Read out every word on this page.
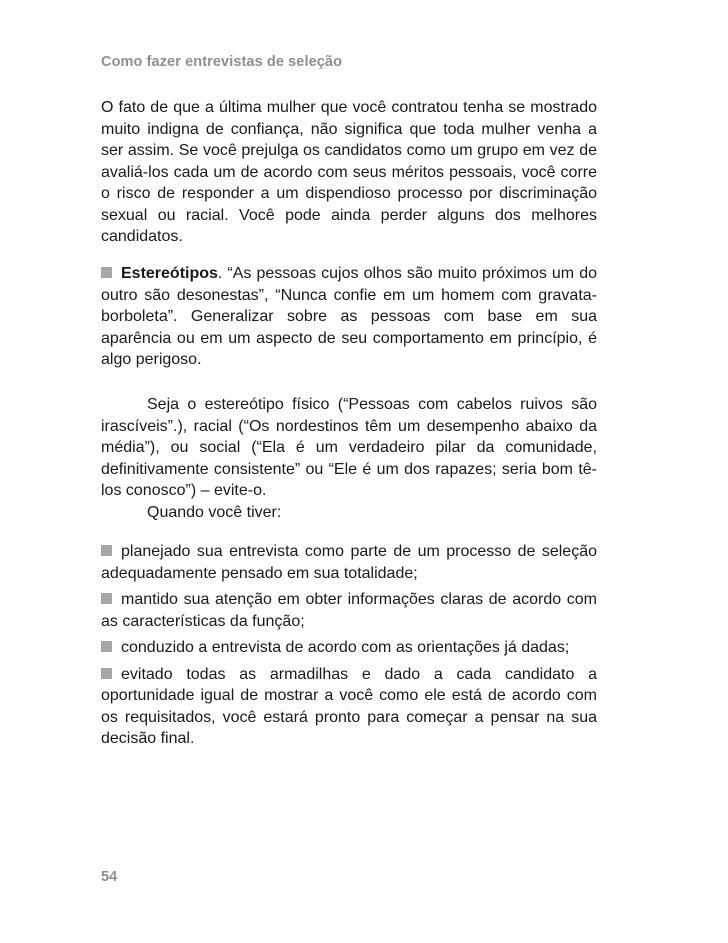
Como fazer entrevistas de seleção

O fato de que a última mulher que você contratou tenha se mostrado muito indigna de confiança, não significa que toda mulher venha a ser assim. Se você prejulga os candidatos como um grupo em vez de avaliá-los cada um de acordo com seus méritos pessoais, você corre o risco de responder a um dispendioso processo por discriminação sexual ou racial. Você pode ainda perder alguns dos melhores candidatos.

Estereótipos. “As pessoas cujos olhos são muito próximos um do outro são desonestas”, “Nunca confie em um homem com gravata-borboleta”. Generalizar sobre as pessoas com base em sua aparência ou em um aspecto de seu comportamento em princípio, é algo perigoso.

Seja o estereótipo físico (“Pessoas com cabelos ruivos são irascíveis”.), racial (“Os nordestinos têm um desempenho abaixo da média”), ou social (“Ela é um verdadeiro pilar da comunidade, definitivamente consistente” ou “Ele é um dos rapazes; seria bom tê-los conosco”) – evite-o.

Quando você tiver:

planejado sua entrevista como parte de um processo de seleção adequadamente pensado em sua totalidade;

mantido sua atenção em obter informações claras de acordo com as características da função;

conduzido a entrevista de acordo com as orientações já dadas;

evitado todas as armadilhas e dado a cada candidato a oportunidade igual de mostrar a você como ele está de acordo com os requisitados, você estará pronto para começar a pensar na sua decisão final.

54
